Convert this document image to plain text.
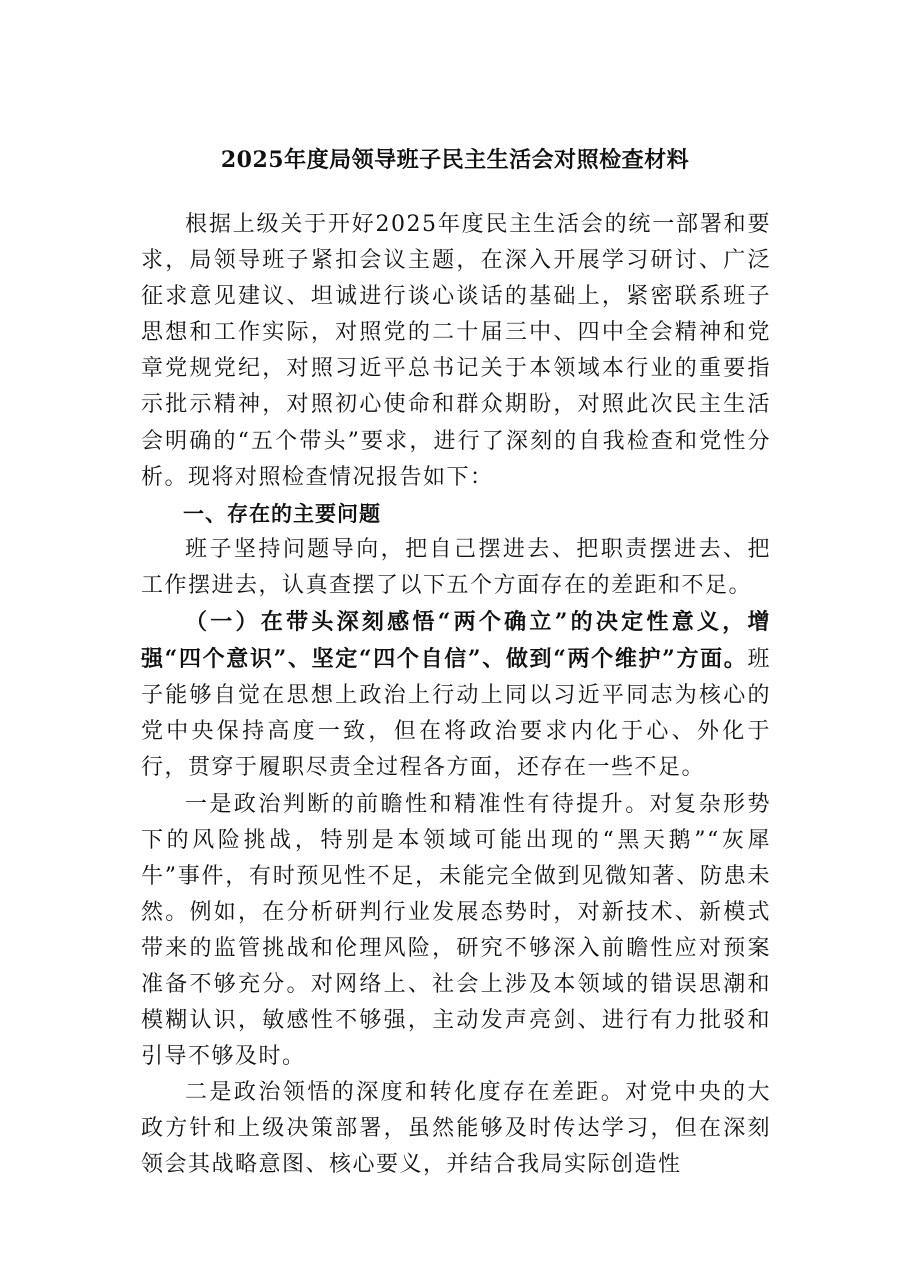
2025年度局领导班子民主生活会对照检查材料

根据上级关于开好2025年度民主生活会的统一部署和要求，局领导班子紧扣会议主题，在深入开展学习研讨、广泛征求意见建议、坦诚进行谈心谈话的基础上，紧密联系班子思想和工作实际，对照党的二十届三中、四中全会精神和党章党规党纪，对照习近平总书记关于本领域本行业的重要指示批示精神，对照初心使命和群众期盼，对照此次民主生活会明确的“五个带头”要求，进行了深刻的自我检查和党性分析。现将对照检查情况报告如下：

一、存在的主要问题

班子坚持问题导向，把自己摆进去、把职责摆进去、把工作摆进去，认真查摆了以下五个方面存在的差距和不足。

（一）在带头深刻感悟“两个确立”的决定性意义，增强“四个意识”、坚定“四个自信”、做到“两个维护”方面。班子能够自觉在思想上政治上行动上同以习近平同志为核心的党中央保持高度一致，但在将政治要求内化于心、外化于行，贯穿于履职尽责全过程各方面，还存在一些不足。

一是政治判断的前瞻性和精准性有待提升。对复杂形势下的风险挑战，特别是本领域可能出现的“黑天鹅”“灰犀牛”事件，有时预见性不足，未能完全做到见微知著、防患未然。例如，在分析研判行业发展态势时，对新技术、新模式带来的监管挑战和伦理风险，研究不够深入前瞻性应对预案准备不够充分。对网络上、社会上涉及本领域的错误思潮和模糊认识，敏感性不够强，主动发声亮剑、进行有力批驳和引导不够及时。

二是政治领悟的深度和转化度存在差距。对党中央的大政方针和上级决策部署，虽然能够及时传达学习，但在深刻领会其战略意图、核心要义，并结合我局实际创造性
